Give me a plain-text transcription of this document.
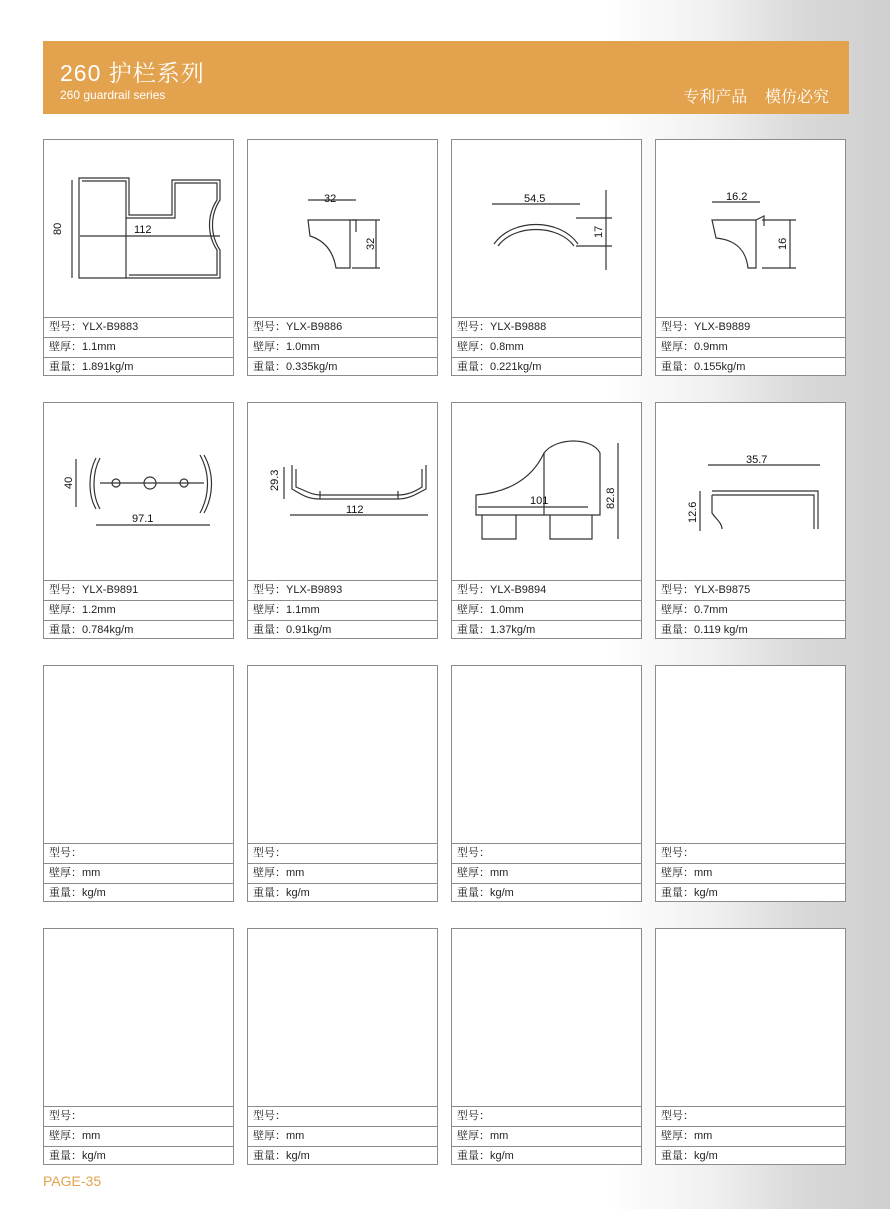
260 护栏系列
260 guardrail series	专利产品    模仿必究
80	112
型号：YLX-B9883
壁厚：1.1mm
重量：1.891kg/m
32
32
型号：YLX-B9886
壁厚：1.0mm
重量：0.335kg/m
54.5
17
型号：YLX-B9888
壁厚：0.8mm
重量：0.221kg/m
16.2
16
型号：YLX-B9889
壁厚：0.9mm
重量：0.155kg/m
40
97.1
型号：YLX-B9891
壁厚：1.2mm
重量：0.784kg/m
29.3
112
型号：YLX-B9893
壁厚：1.1mm
重量：0.91kg/m
101	82.8
型号：YLX-B9894
壁厚：1.0mm
重量：1.37kg/m
35.7
12.6
型号：YLX-B9875
壁厚：0.7mm
重量：0.119 kg/m
型号：
壁厚：mm
重量：kg/m
型号：
壁厚：mm
重量：kg/m
型号：
壁厚：mm
重量：kg/m
型号：
壁厚：mm
重量：kg/m
型号：
壁厚：mm
重量：kg/m
型号：
壁厚：mm
重量：kg/m
型号：
壁厚：mm
重量：kg/m
型号：
壁厚：mm
重量：kg/m
PAGE-35
